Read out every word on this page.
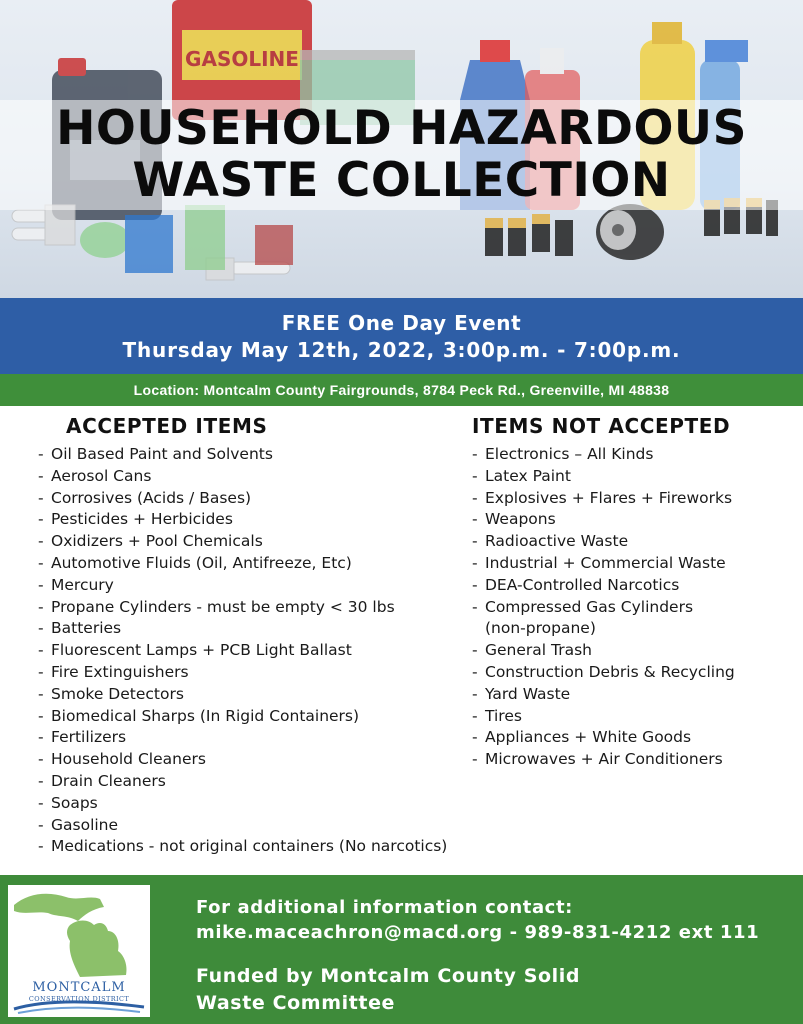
GASOLINE
HOUSEHOLD HAZARDOUS
WASTE COLLECTION
FREE One Day Event
Thursday May 12th, 2022, 3:00p.m. - 7:00p.m.
Location: Montcalm County Fairgrounds, 8784 Peck Rd., Greenville, MI 48838
ACCEPTED ITEMS
- Oil Based Paint and Solvents
- Aerosol Cans
- Corrosives (Acids / Bases)
- Pesticides + Herbicides
- Oxidizers + Pool Chemicals
- Automotive Fluids (Oil, Antifreeze, Etc)
- Mercury
- Propane Cylinders - must be empty < 30 lbs
- Batteries
- Fluorescent Lamps + PCB Light Ballast
- Fire Extinguishers
- Smoke Detectors
- Biomedical Sharps (In Rigid Containers)
- Fertilizers
- Household Cleaners
- Drain Cleaners
- Soaps
- Gasoline
- Medications - not original containers (No narcotics)
ITEMS NOT ACCEPTED
- Electronics – All Kinds
- Latex Paint
- Explosives + Flares + Fireworks
- Weapons
- Radioactive Waste
- Industrial + Commercial Waste
- DEA-Controlled Narcotics
- Compressed Gas Cylinders
(non-propane)
- General Trash
- Construction Debris & Recycling
- Yard Waste
- Tires
- Appliances + White Goods
- Microwaves + Air Conditioners
MONTCALM
CONSERVATION DISTRICT
For additional information contact:
mike.maceachron@macd.org - 989-831-4212 ext 111
Funded by Montcalm County Solid
Waste Committee
